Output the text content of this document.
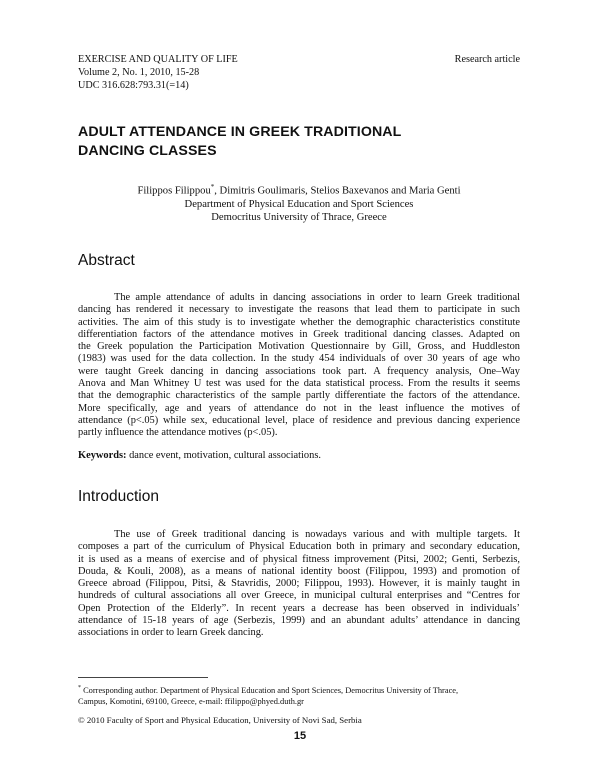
EXERCISE AND QUALITY OF LIFE
Volume 2, No. 1, 2010, 15-28
UDC 316.628:793.31(=14)
Research article
ADULT ATTENDANCE IN GREEK TRADITIONAL
DANCING CLASSES
Filippos Filippou*, Dimitris Goulimaris, Stelios Baxevanos and Maria Genti
Department of Physical Education and Sport Sciences
Democritus University of Thrace, Greece
Abstract
The ample attendance of adults in dancing associations in order to learn Greek traditional
dancing has rendered it necessary to investigate the reasons that lead them to participate in such
activities. The aim of this study is to investigate whether the demographic characteristics constitute
differentiation factors of the attendance motives in Greek traditional dancing classes. Adapted on
the Greek population the Participation Motivation Questionnaire by Gill, Gross, and Huddleston
(1983) was used for the data collection. In the study 454 individuals of over 30 years of age who
were taught Greek dancing in dancing associations took part. A frequency analysis, One–Way
Anova and Man Whitney U test was used for the data statistical process. From the results it seems
that the demographic characteristics of the sample partly differentiate the factors of the attendance.
More specifically, age and years of attendance do not in the least influence the motives of
attendance (p<.05) while sex, educational level, place of residence and previous dancing experience
partly influence the attendance motives (p<.05).
Keywords: dance event, motivation, cultural associations.
Introduction
The use of Greek traditional dancing is nowadays various and with multiple targets. It
composes a part of the curriculum of Physical Education both in primary and secondary education,
it is used as a means of exercise and of physical fitness improvement (Pitsi, 2002; Genti, Serbezis,
Douda, & Kouli, 2008), as a means of national identity boost (Filippou, 1993) and promotion of
Greece abroad (Filippou, Pitsi, & Stavridis, 2000; Filippou, 1993). However, it is mainly taught in
hundreds of cultural associations all over Greece, in municipal cultural enterprises and “Centres for
Open Protection of the Elderly”. In recent years a decrease has been observed in individuals’
attendance of 15-18 years of age (Serbezis, 1999) and an abundant adults’ attendance in dancing
associations in order to learn Greek dancing.
* Corresponding author. Department of Physical Education and Sport Sciences, Democritus University of Thrace,
Campus, Komotini, 69100, Greece, e-mail: ffilippo@phyed.duth.gr
© 2010 Faculty of Sport and Physical Education, University of Novi Sad, Serbia
15
